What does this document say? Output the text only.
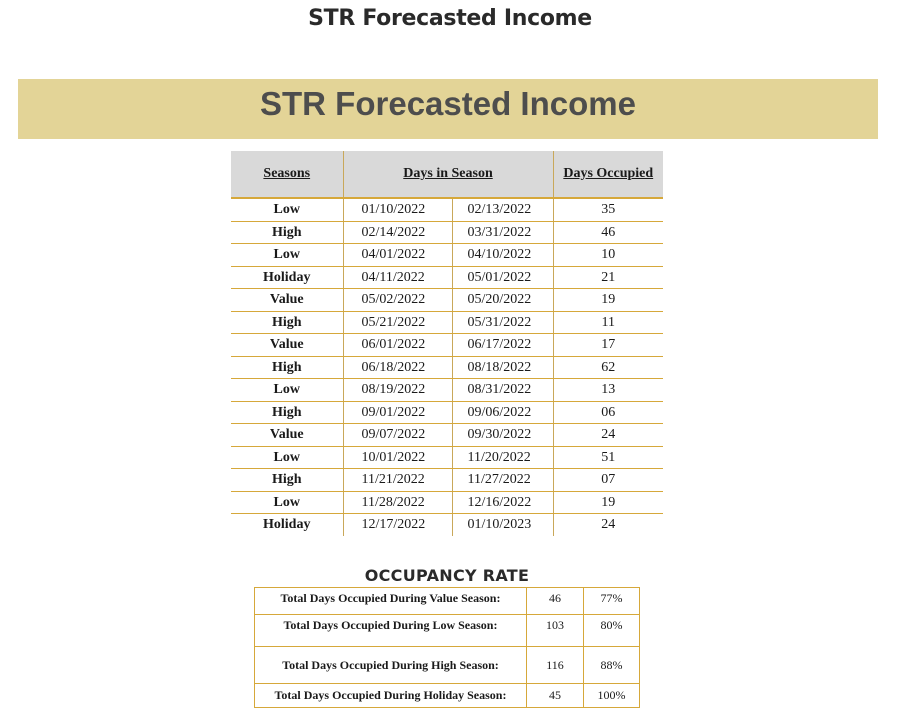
STR Forecasted Income
STR Forecasted Income
Seasons	Days in Season		Days Occupied
Low	01/10/2022	02/13/2022	35
High	02/14/2022	03/31/2022	46
Low	04/01/2022	04/10/2022	10
Holiday	04/11/2022	05/01/2022	21
Value	05/02/2022	05/20/2022	19
High	05/21/2022	05/31/2022	11
Value	06/01/2022	06/17/2022	17
High	06/18/2022	08/18/2022	62
Low	08/19/2022	08/31/2022	13
High	09/01/2022	09/06/2022	06
Value	09/07/2022	09/30/2022	24
Low	10/01/2022	11/20/2022	51
High	11/21/2022	11/27/2022	07
Low	11/28/2022	12/16/2022	19
Holiday	12/17/2022	01/10/2023	24
OCCUPANCY RATE
Total Days Occupied During Value Season:	46	77%
Total Days Occupied During Low Season:	103	80%
Total Days Occupied During High Season:	116	88%
Total Days Occupied During Holiday Season:	45	100%
